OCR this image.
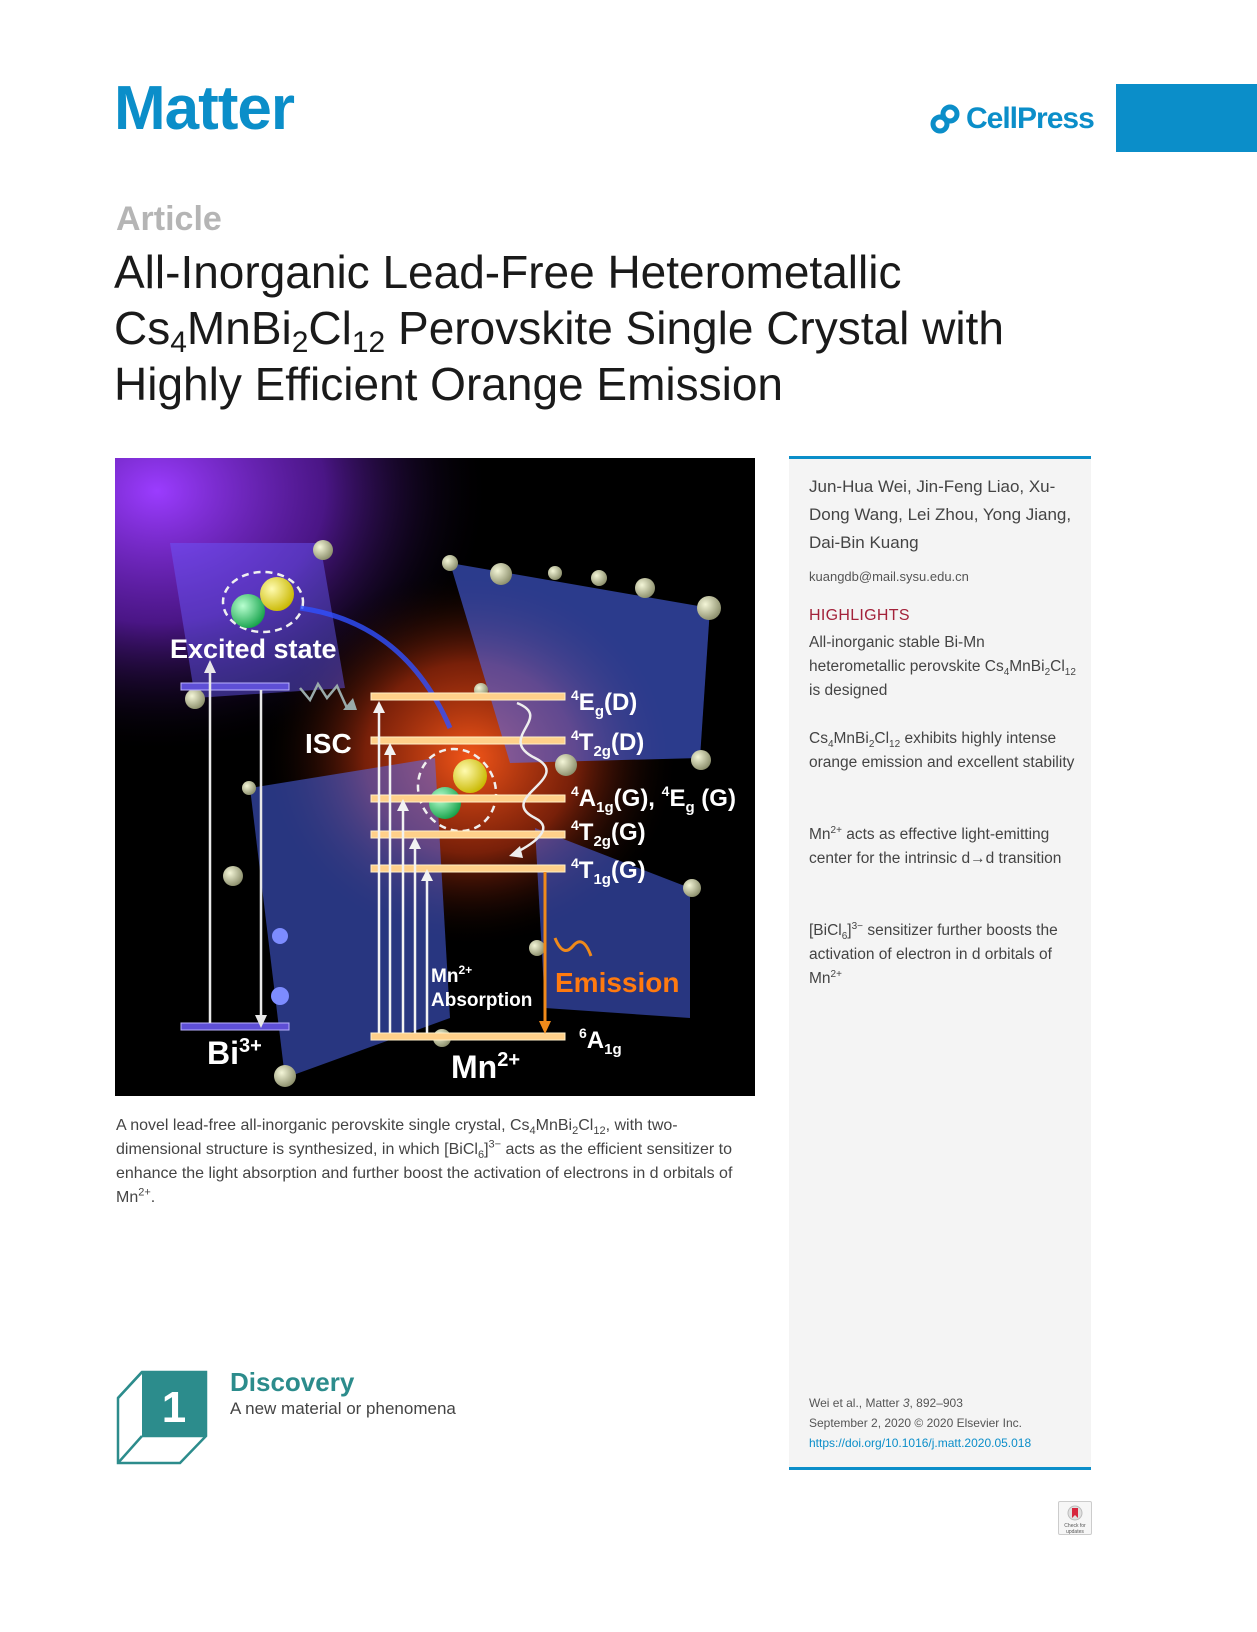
Matter	CellPress
Article
All-Inorganic Lead-Free Heterometallic
$Cs_4MnBi_2Cl_{12}$ Perovskite Single Crystal with
Highly Efficient Orange Emission
Excited state
ISC
$Bi^{3+}$
$Mn^{2+}$
$Mn^{2+}$
Absorption
Emission
$^4E_g(D)$
$^4T_{2g}(D)$
$^4A_{1g}(G)$, $^4E_g$ (G)
$^4T_{2g}(G)$
$^4T_{1g}(G)$
$^6A_{1g}$
A novel lead-free all-inorganic perovskite single crystal, $Cs_4MnBi_2Cl_{12}$, with two-dimensional structure is synthesized, in which [BiCl$_6$]$^{3-}$ acts as the efficient sensitizer to enhance the light absorption and further boost the activation of electrons in d orbitals of $Mn^{2+}$.
Jun-Hua Wei, Jin-Feng Liao, Xu-Dong Wang, Lei Zhou, Yong Jiang, Dai-Bin Kuang
kuangdb@mail.sysu.edu.cn
HIGHLIGHTS
All-inorganic stable Bi-Mn heterometallic perovskite $Cs_4MnBi_2Cl_{12}$ is designed
$Cs_4MnBi_2Cl_{12}$ exhibits highly intense orange emission and excellent stability
$Mn^{2+}$ acts as effective light-emitting center for the intrinsic d→d transition
[BiCl$_6$]$^{3-}$ sensitizer further boosts the activation of electron in d orbitals of $Mn^{2+}$
Wei et al., Matter 3, 892–903
September 2, 2020 © 2020 Elsevier Inc.
https://doi.org/10.1016/j.matt.2020.05.018
1
Discovery
A new material or phenomena
Check for updates
